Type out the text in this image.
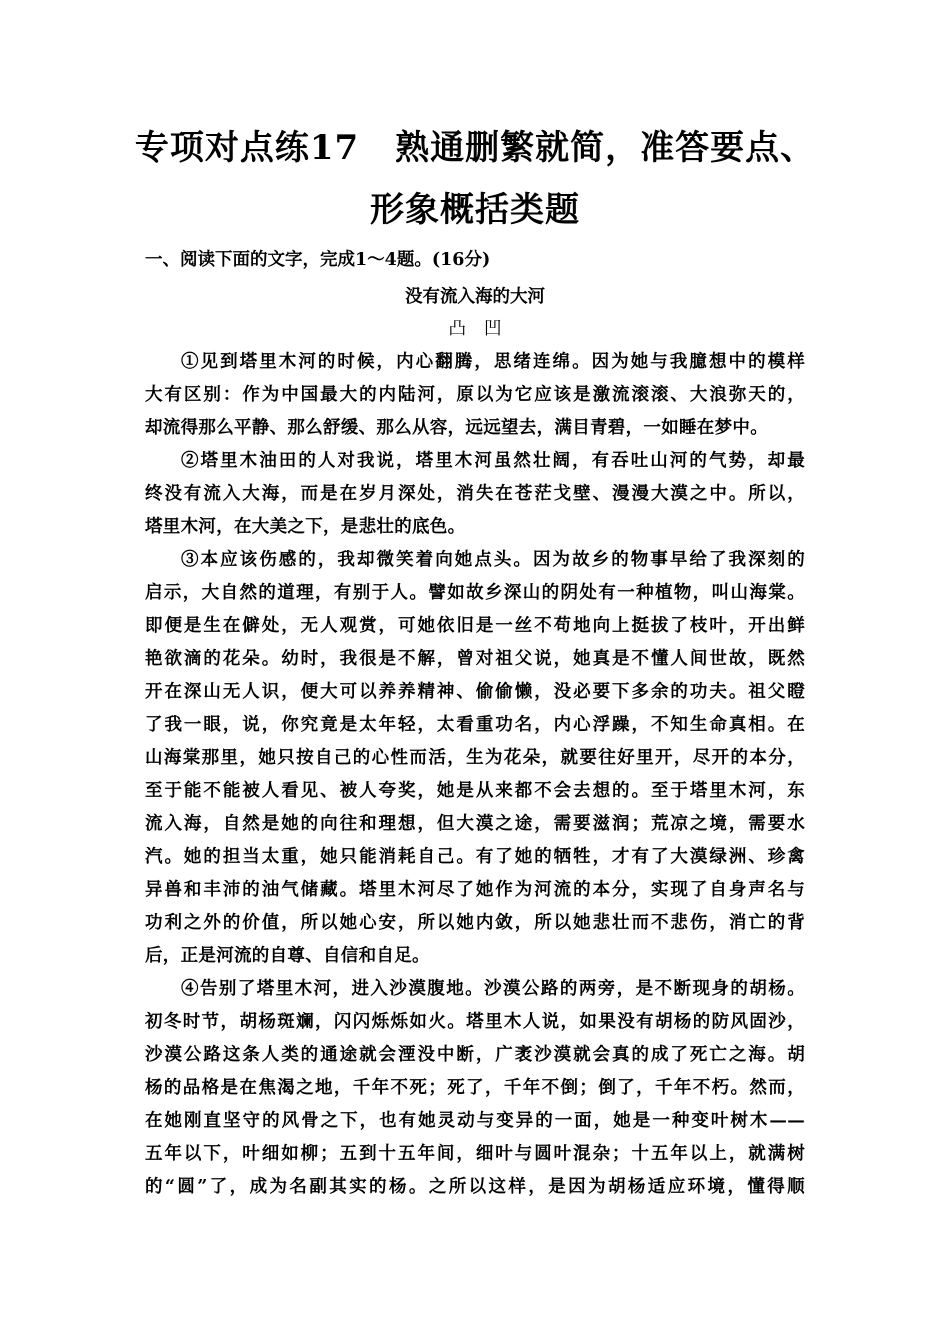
专项对点练17 熟通删繁就简，准答要点、
形象概括类题
一、阅读下面的文字，完成1～4题。(16分)
没有流入海的大河
凸凹
①见到塔里木河的时候，内心翻腾，思绪连绵。因为她与我臆想中的模样
大有区别：作为中国最大的内陆河，原以为它应该是激流滚滚、大浪弥天的，
却流得那么平静、那么舒缓、那么从容，远远望去，满目青碧，一如睡在梦中。
②塔里木油田的人对我说，塔里木河虽然壮阔，有吞吐山河的气势，却最
终没有流入大海，而是在岁月深处，消失在苍茫戈壁、漫漫大漠之中。所以，
塔里木河，在大美之下，是悲壮的底色。
③本应该伤感的，我却微笑着向她点头。因为故乡的物事早给了我深刻的
启示，大自然的道理，有别于人。譬如故乡深山的阴处有一种植物，叫山海棠。
即便是生在僻处，无人观赏，可她依旧是一丝不苟地向上挺拔了枝叶，开出鲜
艳欲滴的花朵。幼时，我很是不解，曾对祖父说，她真是不懂人间世故，既然
开在深山无人识，便大可以养养精神、偷偷懒，没必要下多余的功夫。祖父瞪
了我一眼，说，你究竟是太年轻，太看重功名，内心浮躁，不知生命真相。在
山海棠那里，她只按自己的心性而活，生为花朵，就要往好里开，尽开的本分，
至于能不能被人看见、被人夸奖，她是从来都不会去想的。至于塔里木河，东
流入海，自然是她的向往和理想，但大漠之途，需要滋润；荒凉之境，需要水
汽。她的担当太重，她只能消耗自己。有了她的牺牲，才有了大漠绿洲、珍禽
异兽和丰沛的油气储藏。塔里木河尽了她作为河流的本分，实现了自身声名与
功利之外的价值，所以她心安，所以她内敛，所以她悲壮而不悲伤，消亡的背
后，正是河流的自尊、自信和自足。
④告别了塔里木河，进入沙漠腹地。沙漠公路的两旁，是不断现身的胡杨。
初冬时节，胡杨斑斓，闪闪烁烁如火。塔里木人说，如果没有胡杨的防风固沙，
沙漠公路这条人类的通途就会湮没中断，广袤沙漠就会真的成了死亡之海。胡
杨的品格是在焦渴之地，千年不死；死了，千年不倒；倒了，千年不朽。然而，
在她刚直坚守的风骨之下，也有她灵动与变异的一面，她是一种变叶树木——
五年以下，叶细如柳；五到十五年间，细叶与圆叶混杂；十五年以上，就满树
的“圆”了，成为名副其实的杨。之所以这样，是因为胡杨适应环境，懂得顺
